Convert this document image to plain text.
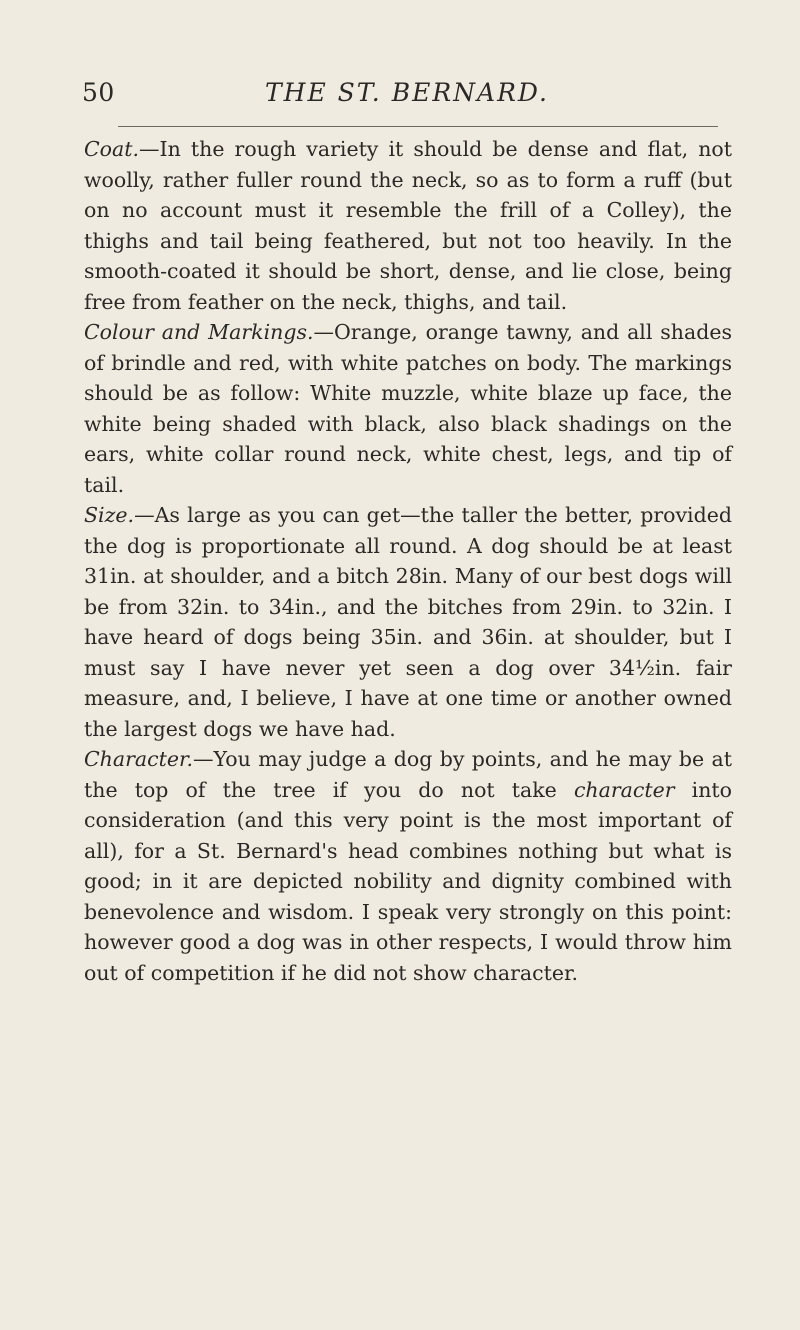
50	THE ST. BERNARD.

Coat.—In the rough variety it should be dense and flat, not woolly, rather fuller round the neck, so as to form a ruff (but on no account must it resemble the frill of a Colley), the thighs and tail being feathered, but not too heavily. In the smooth-coated it should be short, dense, and lie close, being free from feather on the neck, thighs, and tail.

Colour and Markings.—Orange, orange tawny, and all shades of brindle and red, with white patches on body. The markings should be as follow: White muzzle, white blaze up face, the white being shaded with black, also black shadings on the ears, white collar round neck, white chest, legs, and tip of tail.

Size.—As large as you can get—the taller the better, provided the dog is proportionate all round. A dog should be at least 31in. at shoulder, and a bitch 28in. Many of our best dogs will be from 32in. to 34in., and the bitches from 29in. to 32in. I have heard of dogs being 35in. and 36in. at shoulder, but I must say I have never yet seen a dog over 34½in. fair measure, and, I believe, I have at one time or another owned the largest dogs we have had.

Character.—You may judge a dog by points, and he may be at the top of the tree if you do not take character into consideration (and this very point is the most important of all), for a St. Bernard's head combines nothing but what is good; in it are depicted nobility and dignity combined with benevolence and wisdom. I speak very strongly on this point: however good a dog was in other respects, I would throw him out of competition if he did not show character.
